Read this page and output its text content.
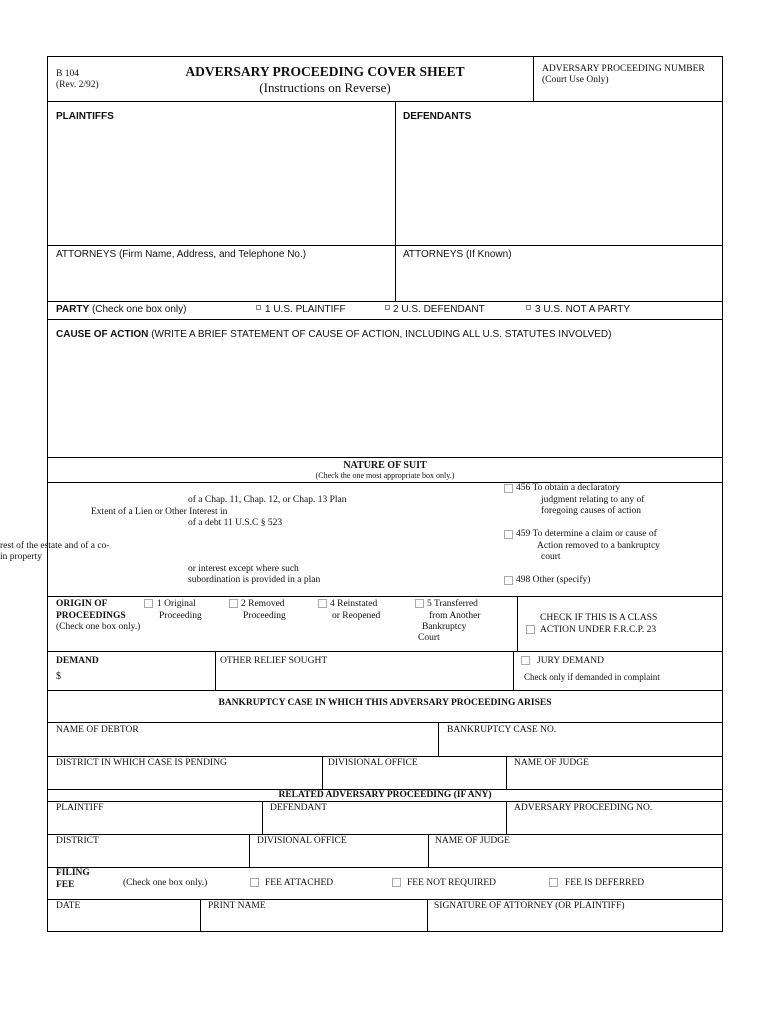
B 104
(Rev. 2/92)
ADVERSARY PROCEEDING COVER SHEET
(Instructions on Reverse)
ADVERSARY PROCEEDING NUMBER
(Court Use Only)
PLAINTIFFS	DEFENDANTS
ATTORNEYS (Firm Name, Address, and Telephone No.)	ATTORNEYS (If Known)
PARTY (Check one box only)	1 U.S. PLAINTIFF	2 U.S. DEFENDANT	3 U.S. NOT A PARTY
CAUSE OF ACTION (WRITE A BRIEF STATEMENT OF CAUSE OF ACTION, INCLUDING ALL U.S. STATUTES INVOLVED)
NATURE OF SUIT
(Check the one most appropriate box only.)
of a Chap. 11, Chap. 12, or Chap. 13 Plan
Extent of a Lien or Other Interest in
of a debt 11 U.S.C § 523
rest of the estate and of a co-
in property
or interest except where such
subordination is provided in a plan
456 To obtain a declaratory
judgment relating to any of
foregoing causes of action
459 To determine a claim or cause of
Action removed to a bankruptcy
court
498 Other (specify)
ORIGIN OF
PROCEEDINGS
(Check one box only.)
1 Original
Proceeding
2 Removed
Proceeding
4 Reinstated
or Reopened
5 Transferred
from Another
Bankruptcy
Court
CHECK IF THIS IS A CLASS
ACTION UNDER F.R.C.P. 23
DEMAND
$
OTHER RELIEF SOUGHT	JURY DEMAND
Check only if demanded in complaint
BANKRUPTCY CASE IN WHICH THIS ADVERSARY PROCEEDING ARISES
NAME OF DEBTOR	BANKRUPTCY CASE NO.
DISTRICT IN WHICH CASE IS PENDING	DIVISIONAL OFFICE	NAME OF JUDGE
RELATED ADVERSARY PROCEEDING (IF ANY)
PLAINTIFF	DEFENDANT	ADVERSARY PROCEEDING NO.
DISTRICT	DIVISIONAL OFFICE	NAME OF JUDGE
FILING
FEE	(Check one box only.)	FEE ATTACHED	FEE NOT REQUIRED	FEE IS DEFERRED
DATE	PRINT NAME	SIGNATURE OF ATTORNEY (OR PLAINTIFF)
